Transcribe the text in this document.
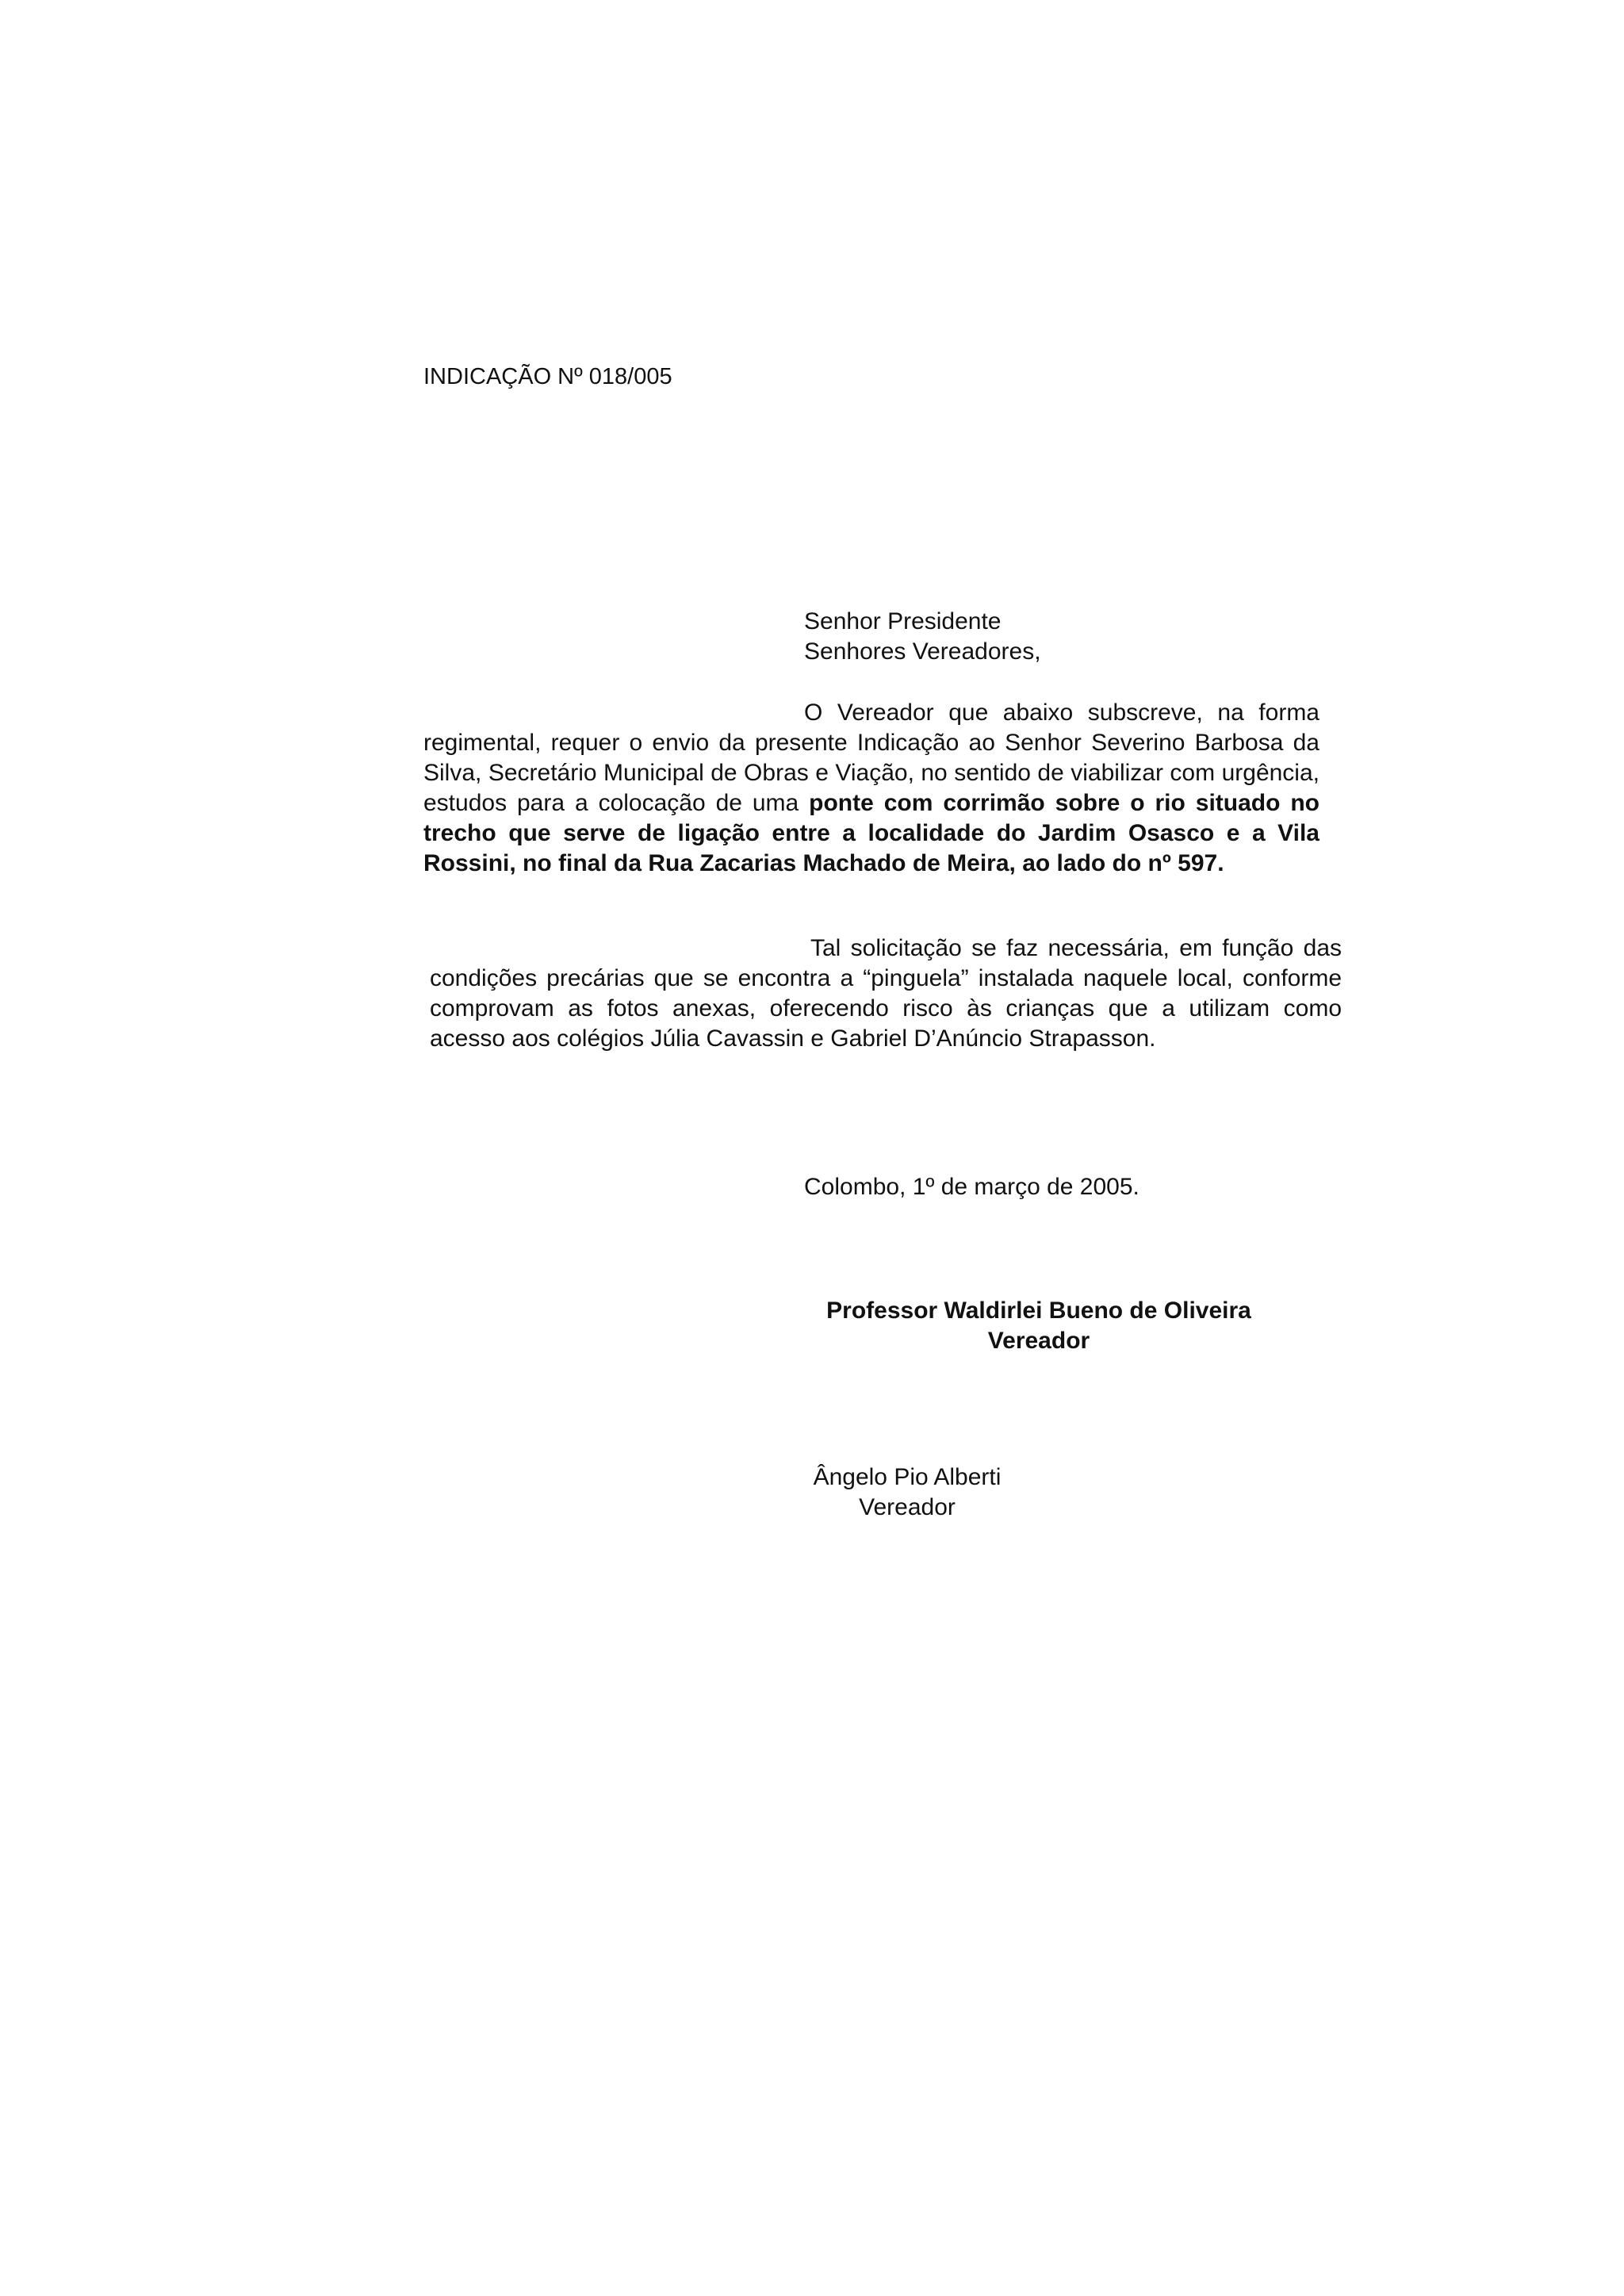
INDICAÇÃO Nº 018/005
Senhor Presidente
Senhores Vereadores,
O Vereador que abaixo subscreve, na forma regimental, requer o envio da presente Indicação ao Senhor Severino Barbosa da Silva, Secretário Municipal de Obras e Viação, no sentido de viabilizar com urgência, estudos para a colocação de uma ponte com corrimão sobre o rio situado no trecho que serve de ligação entre a localidade do Jardim Osasco e a Vila Rossini, no final da Rua Zacarias Machado de Meira, ao lado do nº 597.
Tal solicitação se faz necessária, em função das condições precárias que se encontra a “pinguela” instalada naquele local, conforme comprovam as fotos anexas, oferecendo risco às crianças que a utilizam como acesso aos colégios Júlia Cavassin e Gabriel D’Anúncio Strapasson.
Colombo, 1º de março de 2005.
Professor Waldirlei Bueno de Oliveira
Vereador
Ângelo Pio Alberti
Vereador
